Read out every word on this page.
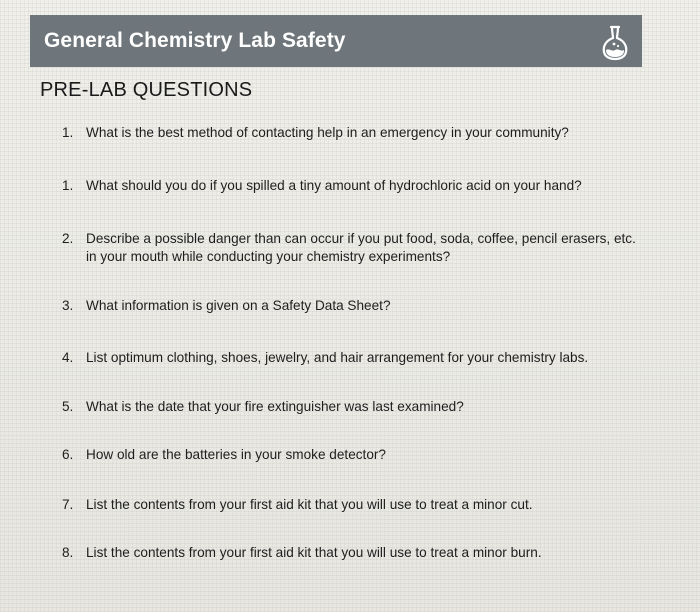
General Chemistry Lab Safety
PRE-LAB QUESTIONS
1. What is the best method of contacting help in an emergency in your community?
1. What should you do if you spilled a tiny amount of hydrochloric acid on your hand?
2. Describe a possible danger than can occur if you put food, soda, coffee, pencil erasers, etc. in your mouth while conducting your chemistry experiments?
3. What information is given on a Safety Data Sheet?
4. List optimum clothing, shoes, jewelry, and hair arrangement for your chemistry labs.
5. What is the date that your fire extinguisher was last examined?
6. How old are the batteries in your smoke detector?
7. List the contents from your first aid kit that you will use to treat a minor cut.
8. List the contents from your first aid kit that you will use to treat a minor burn.
